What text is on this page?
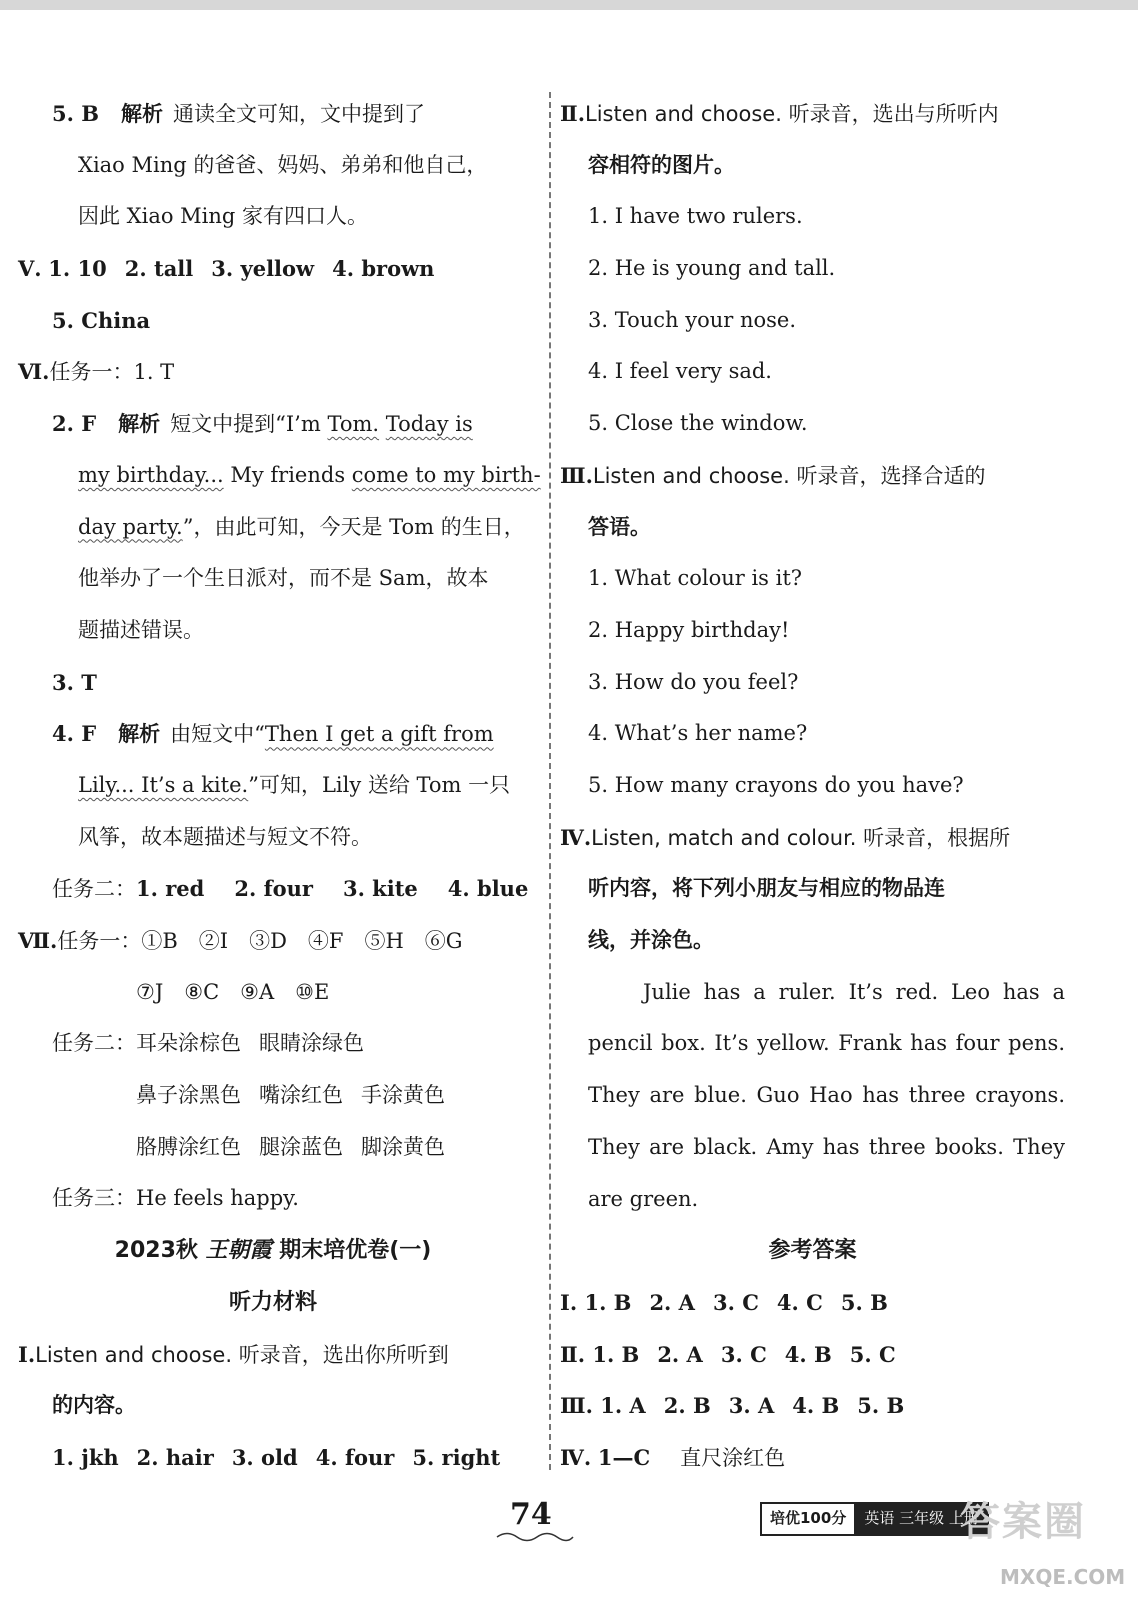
5. B 解析 通读全文可知，文中提到了
Xiao Ming 的爸爸、妈妈、弟弟和他自己，
因此 Xiao Ming 家有四口人。
Ⅴ. 1. 10 2. tall 3. yellow 4. brown
5. China
Ⅵ.任务一：1. T
2. F 解析 短文中提到“I’m Tom. Today is
my birthday... My friends come to my birth-
day party.”，由此可知，今天是 Tom 的生日，
他举办了一个生日派对，而不是 Sam，故本
题描述错误。
3. T
4. F 解析 由短文中“Then I get a gift from
Lily... It’s a kite.”可知，Lily 送给 Tom 一只
风筝，故本题描述与短文不符。
任务二：1. red 2. four 3. kite 4. blue
Ⅶ.任务一：①B　②I　③D　④F　⑤H　⑥G
⑦J　⑧C　⑨A　⑩E
任务二：耳朵涂棕色 眼睛涂绿色
鼻子涂黑色 嘴涂红色 手涂黄色
胳膊涂红色 腿涂蓝色 脚涂黄色
任务三：He feels happy.
2023秋 王朝霞 期末培优卷(一)
听力材料
Ⅰ.Listen and choose. 听录音，选出你所听到
的内容。
1. jkh 2. hair 3. old 4. four 5. right
Ⅱ.Listen and choose. 听录音，选出与所听内
容相符的图片。
1. I have two rulers.
2. He is young and tall.
3. Touch your nose.
4. I feel very sad.
5. Close the window.
Ⅲ.Listen and choose. 听录音，选择合适的
答语。
1. What colour is it?
2. Happy birthday!
3. How do you feel?
4. What’s her name?
5. How many crayons do you have?
Ⅳ.Listen, match and colour. 听录音，根据所
听内容，将下列小朋友与相应的物品连
线，并涂色。
Julie has a ruler. It’s red. Leo has a pencil box. It’s yellow. Frank has four pens. They are blue. Guo Hao has three crayons. They are black. Amy has three books. They are green.
参考答案
Ⅰ. 1. B 2. A 3. C 4. C 5. B
Ⅱ. 1. B 2. A 3. C 4. B 5. C
Ⅲ. 1. A 2. B 3. A 4. B 5. B
Ⅳ. 1—C 直尺涂红色
74	培优100分	英语 三年级 上册
答案圈
MXQE.COM
